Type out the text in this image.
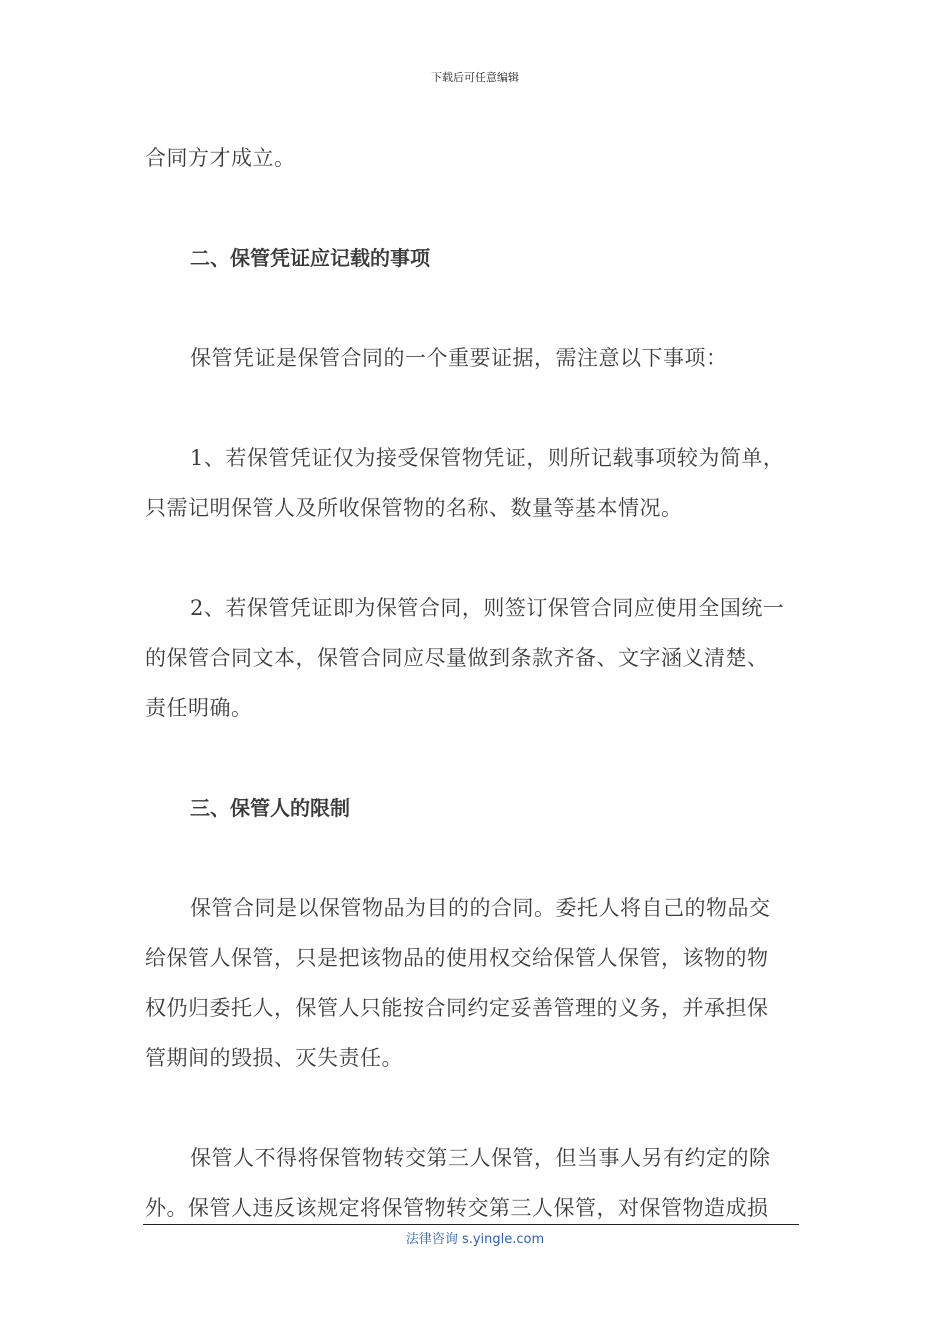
下载后可任意编辑

合同方才成立。

二、保管凭证应记载的事项

保管凭证是保管合同的一个重要证据，需注意以下事项：

1、若保管凭证仅为接受保管物凭证，则所记载事项较为简单，

只需记明保管人及所收保管物的名称、数量等基本情况。

2、若保管凭证即为保管合同，则签订保管合同应使用全国统一

的保管合同文本，保管合同应尽量做到条款齐备、文字涵义清楚、

责任明确。

三、保管人的限制

保管合同是以保管物品为目的的合同。委托人将自己的物品交

给保管人保管，只是把该物品的使用权交给保管人保管，该物的物

权仍归委托人，保管人只能按合同约定妥善管理的义务，并承担保

管期间的毁损、灭失责任。

保管人不得将保管物转交第三人保管，但当事人另有约定的除

外。保管人违反该规定将保管物转交第三人保管，对保管物造成损

法律咨询 s.yingle.com
